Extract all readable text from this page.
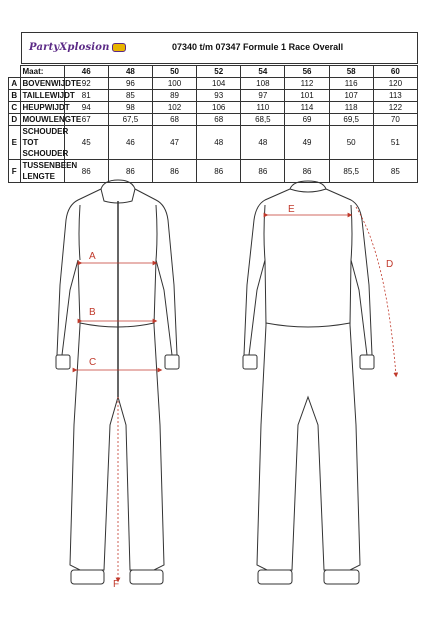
PartyXplosion	07340 t/m 07347 Formule 1 Race Overall
	Maat:	46	48	50	52	54	56	58	60
A	BOVENWIJDTE	92	96	100	104	108	112	116	120
B	TAILLEWIJDT	81	85	89	93	97	101	107	113
C	HEUPWIJDT	94	98	102	106	110	114	118	122
D	MOUWLENGTE	67	67,5	68	68	68,5	69	69,5	70
E	SCHOUDER TOT SCHOUDER	45	46	47	48	48	49	50	51
F	TUSSENBEEN LENGTE	86	86	86	86	86	86	85,5	85
A
B
C
F
E
D
